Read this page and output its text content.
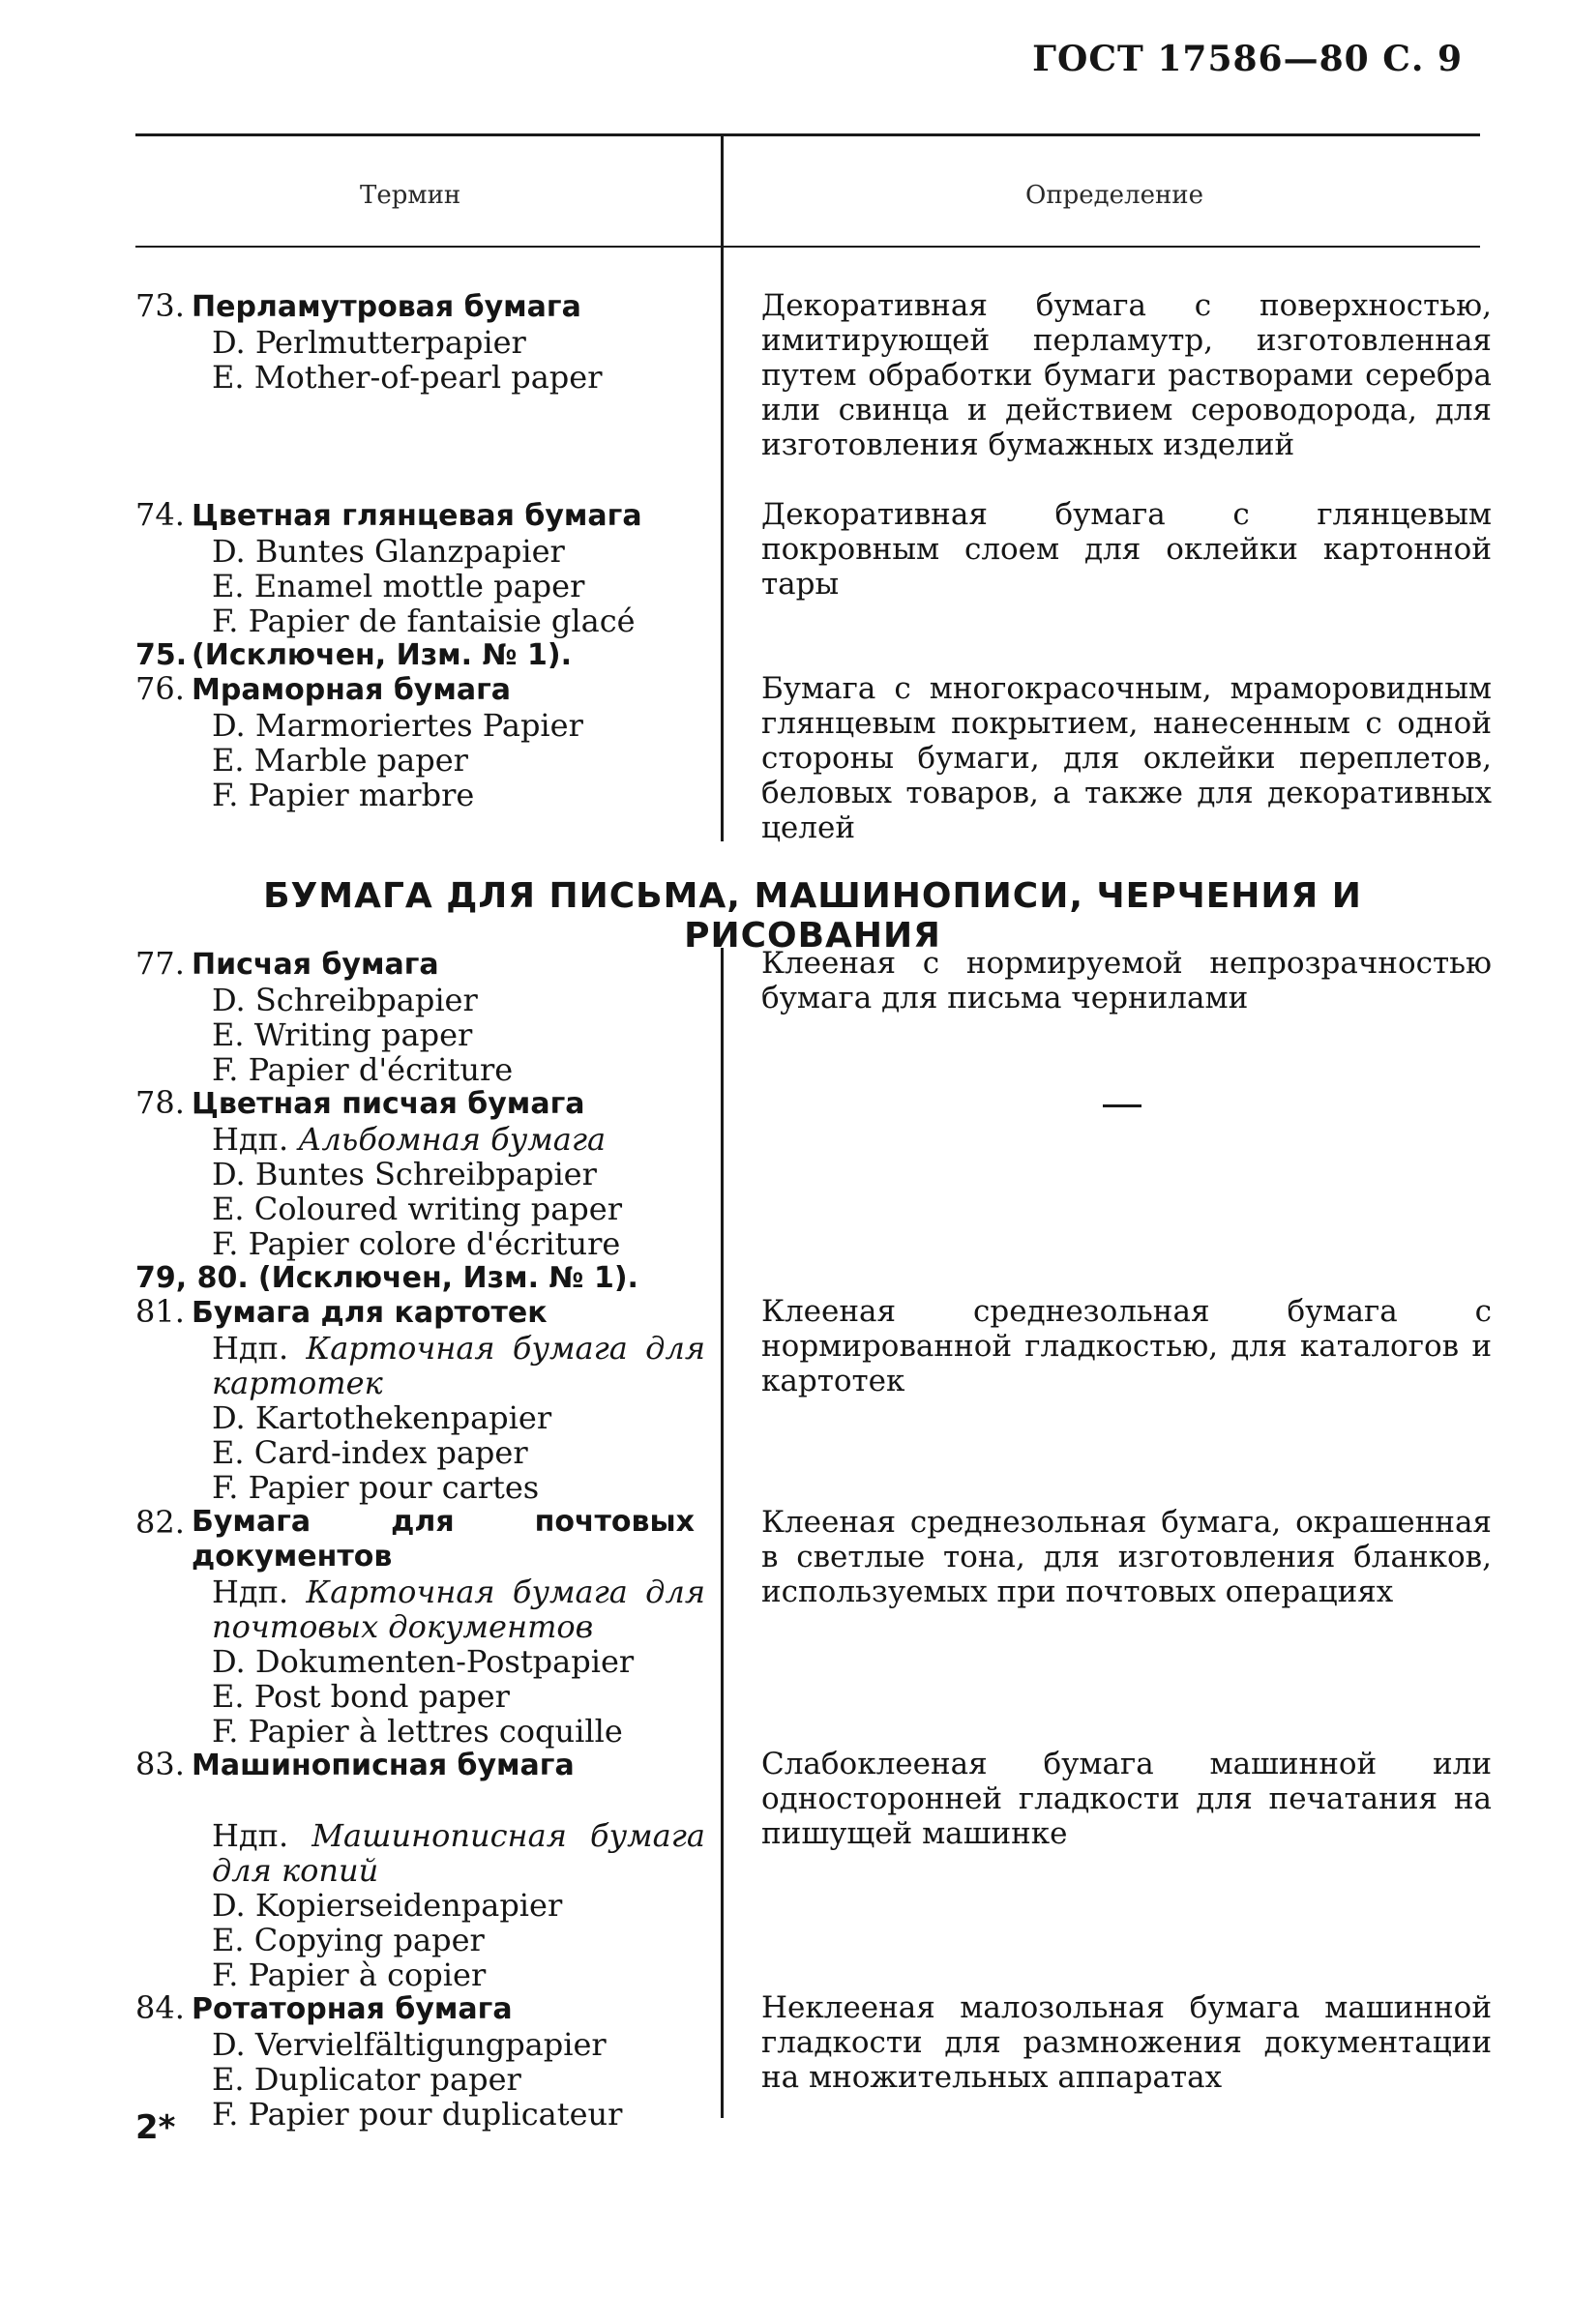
ГОСТ 17586—80 С. 9
Термин	Определение
73. Перламутровая бумага
D. Perlmutterpapier
E. Mother-of-pearl paper
Декоративная бумага с поверхностью, имитирующей перламутр, изготовленная путем обработки бумаги растворами серебра или свинца и действием сероводорода, для изготовления бумажных изделий
74. Цветная глянцевая бумага
D. Buntes Glanzpapier
E. Enamel mottle paper
F. Papier de fantaisie glacé
Декоративная бумага с глянцевым покровным слоем для оклейки картонной тары
75. (Исключен, Изм. № 1).
76. Мраморная бумага
D. Marmoriertes Papier
E. Marble paper
F. Papier marbre
Бумага с многокрасочным, мраморовидным глянцевым покрытием, нанесенным с одной стороны бумаги, для оклейки переплетов, беловых товаров, а также для декоративных целей
БУМАГА ДЛЯ ПИСЬМА, МАШИНОПИСИ, ЧЕРЧЕНИЯ И РИСОВАНИЯ
77. Писчая бумага
D. Schreibpapier
E. Writing paper
F. Papier d'écriture
Клееная с нормируемой непрозрачностью бумага для письма чернилами
78. Цветная писчая бумага
Ндп. Альбомная бумага
D. Buntes Schreibpapier
E. Coloured writing paper
F. Papier colore d'écriture
79, 80. (Исключен, Изм. № 1).
81. Бумага для картотек
Ндп. Карточная бумага для картотек
D. Kartothekenpapier
E. Card-index paper
F. Papier pour cartes
Клееная среднезольная бумага с нормированной гладкостью, для каталогов и картотек
82. Бумага для почтовых документов
Ндп. Карточная бумага для почтовых документов
D. Dokumenten-Postpapier
E. Post bond paper
F. Papier à lettres coquille
Клееная среднезольная бумага, окрашенная в светлые тона, для изготовления бланков, используемых при почтовых операциях
83. Машинописная бумага
Ндп. Машинописная бумага для копий
D. Kopierseidenpapier
E. Copying paper
F. Papier à copier
Слабоклееная бумага машинной или односторонней гладкости для печатания на пишущей машинке
84. Ротаторная бумага
D. Vervielfältigungpapier
E. Duplicator paper
F. Papier pour duplicateur
Неклееная малозольная бумага машинной гладкости для размножения документации на множительных аппаратах
2*
